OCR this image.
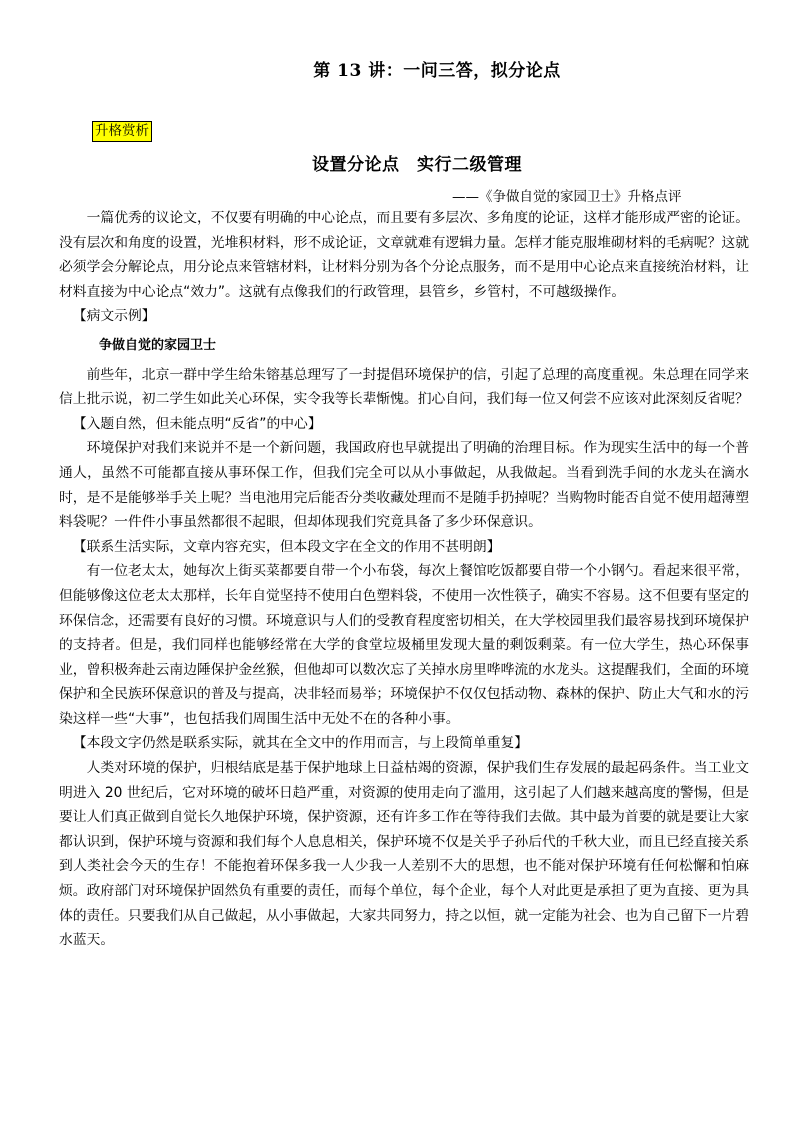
第 13 讲：一问三答，拟分论点
升格赏析
设置分论点　实行二级管理
——《争做自觉的家园卫士》升格点评

一篇优秀的议论文，不仅要有明确的中心论点，而且要有多层次、多角度的论证，这样才能形成严密的论证。没有层次和角度的设置，光堆积材料，形不成论证，文章就难有逻辑力量。怎样才能克服堆砌材料的毛病呢？这就必须学会分解论点，用分论点来管辖材料，让材料分别为各个分论点服务，而不是用中心论点来直接统治材料，让材料直接为中心论点“效力”。这就有点像我们的行政管理，县管乡，乡管村，不可越级操作。

【病文示例】

争做自觉的家园卫士

前些年，北京一群中学生给朱镕基总理写了一封提倡环境保护的信，引起了总理的高度重视。朱总理在同学来信上批示说，初二学生如此关心环保，实令我等长辈惭愧。扪心自问，我们每一位又何尝不应该对此深刻反省呢？

【入题自然，但未能点明“反省”的中心】

环境保护对我们来说并不是一个新问题，我国政府也早就提出了明确的治理目标。作为现实生活中的每一个普通人，虽然不可能都直接从事环保工作，但我们完全可以从小事做起，从我做起。当看到洗手间的水龙头在滴水时，是不是能够举手关上呢？当电池用完后能否分类收藏处理而不是随手扔掉呢？当购物时能否自觉不使用超薄塑料袋呢？一件件小事虽然都很不起眼，但却体现我们究竟具备了多少环保意识。

【联系生活实际，文章内容充实，但本段文字在全文的作用不甚明朗】

有一位老太太，她每次上街买菜都要自带一个小布袋，每次上餐馆吃饭都要自带一个小钢勺。看起来很平常，但能够像这位老太太那样，长年自觉坚持不使用白色塑料袋，不使用一次性筷子，确实不容易。这不但要有坚定的环保信念，还需要有良好的习惯。环境意识与人们的受教育程度密切相关，在大学校园里我们最容易找到环境保护的支持者。但是，我们同样也能够经常在大学的食堂垃圾桶里发现大量的剩饭剩菜。有一位大学生，热心环保事业，曾积极奔赴云南边陲保护金丝猴，但他却可以数次忘了关掉水房里哗哗流的水龙头。这提醒我们，全面的环境保护和全民族环保意识的普及与提高，决非轻而易举；环境保护不仅仅包括动物、森林的保护、防止大气和水的污染这样一些“大事”，也包括我们周围生活中无处不在的各种小事。

【本段文字仍然是联系实际，就其在全文中的作用而言，与上段简单重复】

人类对环境的保护，归根结底是基于保护地球上日益枯竭的资源，保护我们生存发展的最起码条件。当工业文明进入 20 世纪后，它对环境的破坏日趋严重，对资源的使用走向了滥用，这引起了人们越来越高度的警惕，但是要让人们真正做到自觉长久地保护环境，保护资源，还有许多工作在等待我们去做。其中最为首要的就是要让大家都认识到，保护环境与资源和我们每个人息息相关，保护环境不仅是关乎子孙后代的千秋大业，而且已经直接关系到人类社会今天的生存！不能抱着环保多我一人少我一人差别不大的思想，也不能对保护环境有任何松懈和怕麻烦。政府部门对环境保护固然负有重要的责任，而每个单位，每个企业，每个人对此更是承担了更为直接、更为具体的责任。只要我们从自己做起，从小事做起，大家共同努力，持之以恒，就一定能为社会、也为自己留下一片碧水蓝天。
